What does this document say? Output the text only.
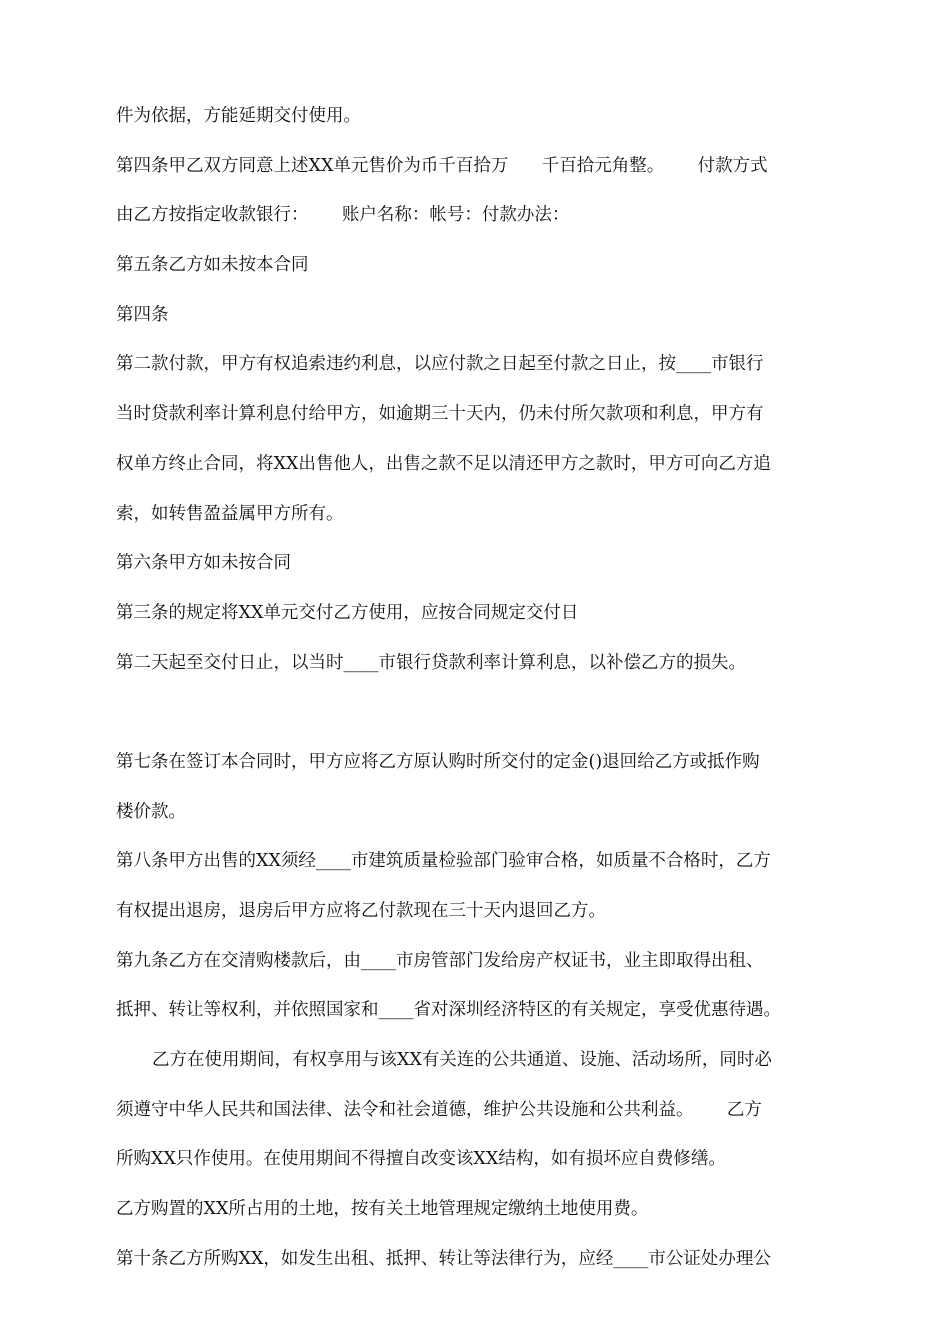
件为依据，方能延期交付使用。
第四条甲乙双方同意上述XX单元售价为币千百拾万      千百拾元角整。      付款方式
由乙方按指定收款银行：      账户名称：帐号：付款办法：
第五条乙方如未按本合同
第四条
第二款付款，甲方有权追索违约利息，以应付款之日起至付款之日止，按____市银行
当时贷款利率计算利息付给甲方，如逾期三十天内，仍未付所欠款项和利息，甲方有
权单方终止合同，将XX出售他人，出售之款不足以清还甲方之款时，甲方可向乙方追
索，如转售盈益属甲方所有。
第六条甲方如未按合同
第三条的规定将XX单元交付乙方使用，应按合同规定交付日
第二天起至交付日止，以当时____市银行贷款利率计算利息，以补偿乙方的损失。
第七条在签订本合同时，甲方应将乙方原认购时所交付的定金()退回给乙方或抵作购
楼价款。
第八条甲方出售的XX须经____市建筑质量检验部门验审合格，如质量不合格时，乙方
有权提出退房，退房后甲方应将乙付款现在三十天内退回乙方。
第九条乙方在交清购楼款后，由____市房管部门发给房产权证书，业主即取得出租、
抵押、转让等权利，并依照国家和____省对深圳经济特区的有关规定，享受优惠待遇。
乙方在使用期间，有权享用与该XX有关连的公共通道、设施、活动场所，同时必
须遵守中华人民共和国法律、法令和社会道德，维护公共设施和公共利益。      乙方
所购XX只作使用。在使用期间不得擅自改变该XX结构，如有损坏应自费修缮。
乙方购置的XX所占用的土地，按有关土地管理规定缴纳土地使用费。
第十条乙方所购XX，如发生出租、抵押、转让等法律行为，应经____市公证处办理公
